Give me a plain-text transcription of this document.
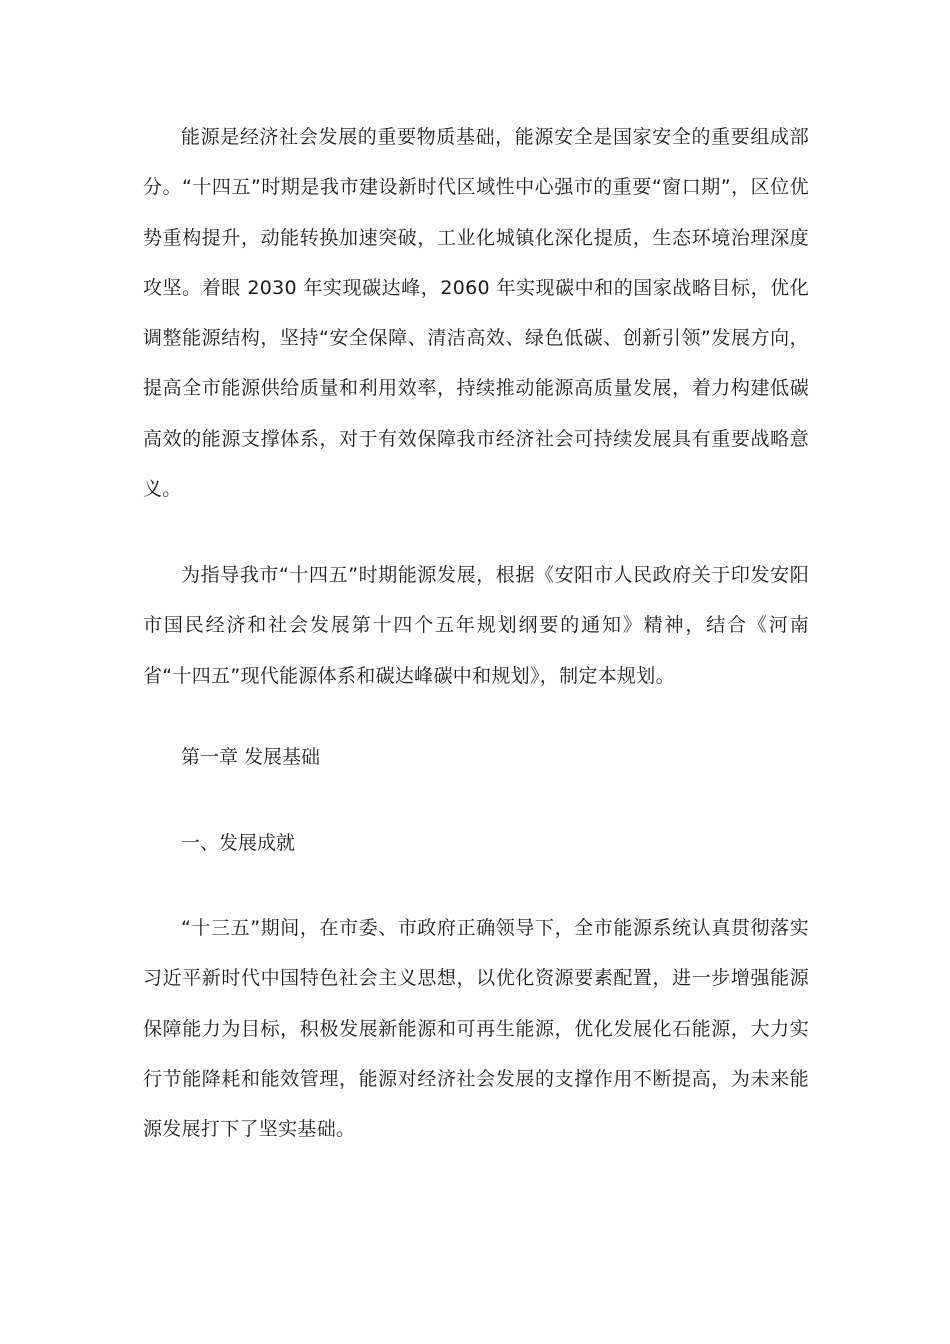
能源是经济社会发展的重要物质基础，能源安全是国家安全的重要组成部分。“十四五”时期是我市建设新时代区域性中心强市的重要“窗口期”，区位优势重构提升，动能转换加速突破，工业化城镇化深化提质，生态环境治理深度攻坚。着眼 2030 年实现碳达峰，2060 年实现碳中和的国家战略目标，优化调整能源结构，坚持“安全保障、清洁高效、绿色低碳、创新引领”发展方向，提高全市能源供给质量和利用效率，持续推动能源高质量发展，着力构建低碳高效的能源支撑体系，对于有效保障我市经济社会可持续发展具有重要战略意义。
为指导我市“十四五”时期能源发展，根据《安阳市人民政府关于印发安阳市国民经济和社会发展第十四个五年规划纲要的通知》精神，结合《河南省“十四五”现代能源体系和碳达峰碳中和规划》，制定本规划。
第一章 发展基础
一、发展成就
“十三五”期间，在市委、市政府正确领导下，全市能源系统认真贯彻落实习近平新时代中国特色社会主义思想，以优化资源要素配置，进一步增强能源保障能力为目标，积极发展新能源和可再生能源，优化发展化石能源，大力实行节能降耗和能效管理，能源对经济社会发展的支撑作用不断提高，为未来能源发展打下了坚实基础。
